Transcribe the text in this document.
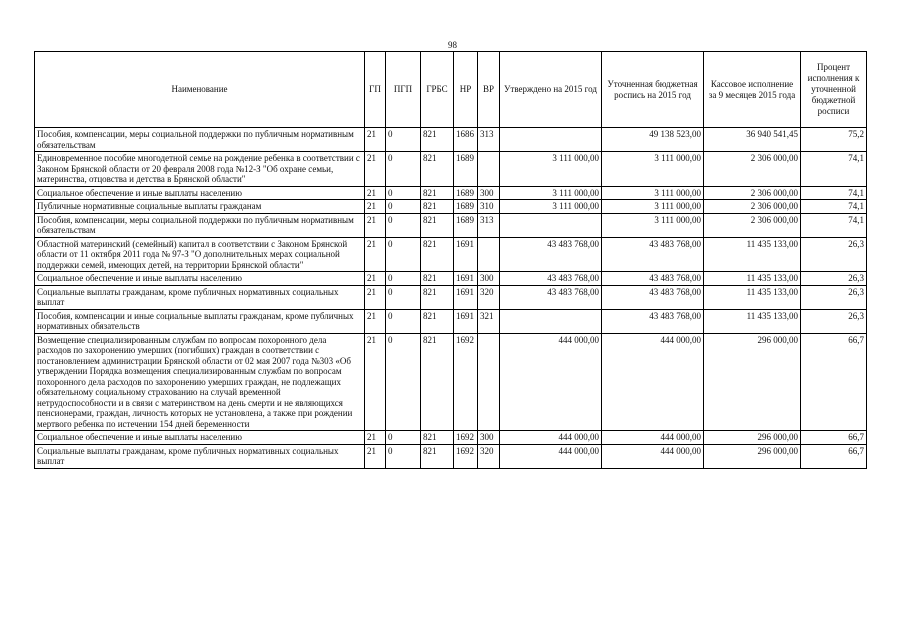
98
Наименование	ГП	ПГП	ГРБС	НР	ВР	Утверждено на 2015 год	Уточненная бюджетная роспись на 2015 год	Кассовое исполнение за 9 месяцев 2015 года	Процент исполнения к уточненной бюджетной росписи
Пособия, компенсации, меры социальной поддержки по публичным нормативным обязательствам	21	0	821	1686	313		49 138 523,00	36 940 541,45	75,2
Единовременное пособие многодетной семье на рождение ребенка в соответствии с Законом Брянской области от 20 февраля 2008 года №12-З "Об охране семьи, материнства, отцовства и детства в Брянской области"	21	0	821	1689		3 111 000,00	3 111 000,00	2 306 000,00	74,1
Социальное обеспечение и иные выплаты населению	21	0	821	1689	300	3 111 000,00	3 111 000,00	2 306 000,00	74,1
Публичные нормативные социальные выплаты гражданам	21	0	821	1689	310	3 111 000,00	3 111 000,00	2 306 000,00	74,1
Пособия, компенсации, меры социальной поддержки по публичным нормативным обязательствам	21	0	821	1689	313		3 111 000,00	2 306 000,00	74,1
Областной материнский (семейный) капитал в соответствии с Законом Брянской области от 11 октября 2011 года № 97-З "О дополнительных мерах социальной поддержки семей, имеющих детей, на территории Брянской области"	21	0	821	1691		43 483 768,00	43 483 768,00	11 435 133,00	26,3
Социальное обеспечение и иные выплаты населению	21	0	821	1691	300	43 483 768,00	43 483 768,00	11 435 133,00	26,3
Социальные выплаты гражданам, кроме публичных нормативных социальных выплат	21	0	821	1691	320	43 483 768,00	43 483 768,00	11 435 133,00	26,3
Пособия, компенсации и иные социальные выплаты гражданам, кроме публичных нормативных обязательств	21	0	821	1691	321		43 483 768,00	11 435 133,00	26,3
Возмещение специализированным службам по вопросам похоронного дела расходов по захоронению умерших (погибших) граждан в соответствии с постановлением администрации Брянской области от 02 мая 2007 года №303 «Об утверждении Порядка возмещения специализированным службам по вопросам похоронного дела расходов по захоронению умерших граждан, не подлежащих обязательному социальному страхованию на случай временной нетрудоспособности и в связи с материнством на день смерти и не являющихся пенсионерами, граждан, личность которых не установлена, а также при рождении мертвого ребенка по истечении 154 дней беременности	21	0	821	1692		444 000,00	444 000,00	296 000,00	66,7
Социальное обеспечение и иные выплаты населению	21	0	821	1692	300	444 000,00	444 000,00	296 000,00	66,7
Социальные выплаты гражданам, кроме публичных нормативных социальных выплат	21	0	821	1692	320	444 000,00	444 000,00	296 000,00	66,7
